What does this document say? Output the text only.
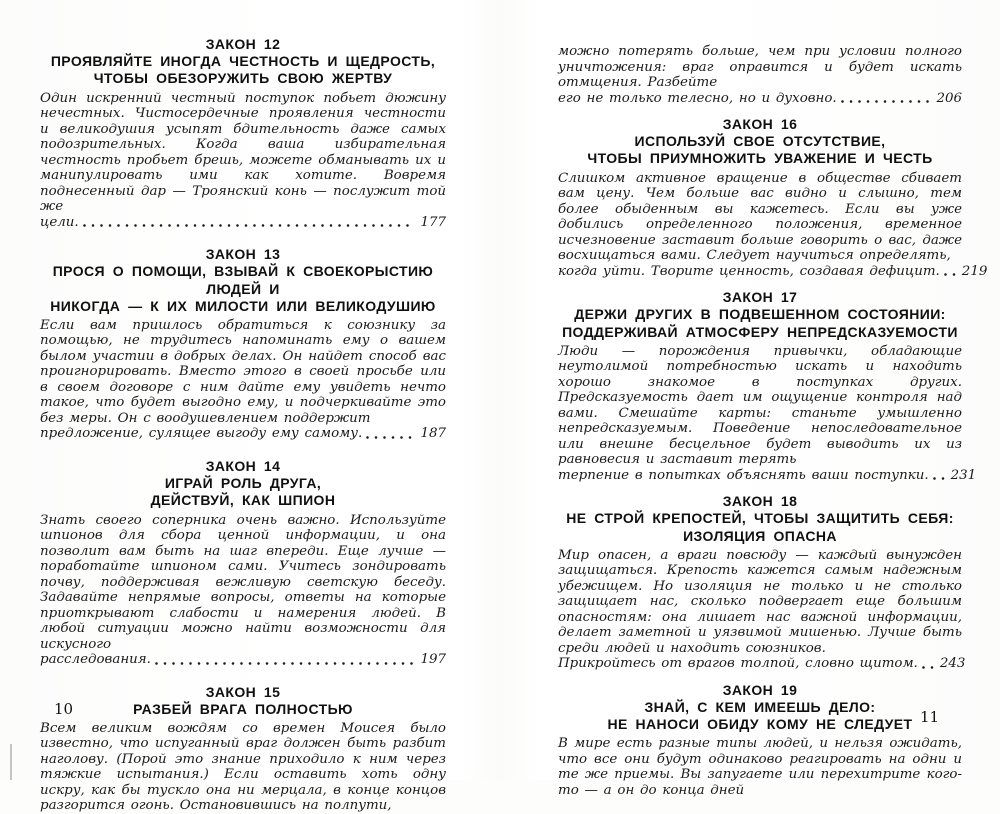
ЗАКОН 12
ПРОЯВЛЯЙТЕ ИНОГДА ЧЕСТНОСТЬ И ЩЕДРОСТЬ,
ЧТОБЫ ОБЕЗОРУЖИТЬ СВОЮ ЖЕРТВУ
Один искренний честный поступок побьет дюжину нечестных. Чистосердечные проявления честности и великодушия усыпят бдительность даже самых подозрительных. Когда ваша избирательная честность пробьет брешь, можете обманывать их и манипулировать ими как хотите. Вовремя поднесенный дар — Троянский конь — послужит той же
цели.	177
ЗАКОН 13
ПРОСЯ О ПОМОЩИ, ВЗЫВАЙ К СВОЕКОРЫСТИЮ ЛЮДЕЙ И
НИКОГДА — К ИХ МИЛОСТИ ИЛИ ВЕЛИКОДУШИЮ
Если вам пришлось обратиться к союзнику за помощью, не трудитесь напоминать ему о вашем былом участии в добрых делах. Он найдет способ вас проигнорировать. Вместо этого в своей просьбе или в своем договоре с ним дайте ему увидеть нечто такое, что будет выгодно ему, и подчеркивайте это без меры. Он с воодушевлением поддержит
предложение, сулящее выгоду ему самому.	187
ЗАКОН 14
ИГРАЙ РОЛЬ ДРУГА,
ДЕЙСТВУЙ, КАК ШПИОН
Знать своего соперника очень важно. Используйте шпионов для сбора ценной информации, и она позволит вам быть на шаг впереди. Еще лучше — поработайте шпионом сами. Учитесь зондировать почву, поддерживая вежливую светскую беседу. Задавайте непрямые вопросы, ответы на которые приоткрывают слабости и намерения людей. В любой ситуации можно найти возможности для искусного
расследования.	197
ЗАКОН 15
РАЗБЕЙ ВРАГА ПОЛНОСТЬЮ
Всем великим вождям со времен Моисея было известно, что испуганный враг должен быть разбит наголову. (Порой это знание приходило к ним через тяжкие испытания.) Если оставить хоть одну искру, как бы тускло она ни мерцала, в конце концов разгорится огонь. Остановившись на полпути,
можно потерять больше, чем при условии полного уничтожения: враг оправится и будет искать отмщения. Разбейте
его не только телесно, но и духовно.	206
ЗАКОН 16
ИСПОЛЬЗУЙ СВОЕ ОТСУТСТВИЕ,
ЧТОБЫ ПРИУМНОЖИТЬ УВАЖЕНИЕ И ЧЕСТЬ
Слишком активное вращение в обществе сбивает вам цену. Чем больше вас видно и слышно, тем более обыденным вы кажетесь. Если вы уже добились определенного положения, временное исчезновение заставит больше говорить о вас, даже восхищаться вами. Следует научиться определять,
когда уйти. Творите ценность, создавая дефицит. 219
ЗАКОН 17
ДЕРЖИ ДРУГИХ В ПОДВЕШЕННОМ СОСТОЯНИИ:
ПОДДЕРЖИВАЙ АТМОСФЕРУ НЕПРЕДСКАЗУЕМОСТИ
Люди — порождения привычки, обладающие неутолимой потребностью искать и находить хорошо знакомое в поступках других. Предсказуемость дает им ощущение контроля над вами. Смешайте карты: станьте умышленно непредсказуемым. Поведение непоследовательное или внешне бесцельное будет выводить их из равновесия и заставит терять
терпение в попытках объяснять ваши поступки. 231
ЗАКОН 18
НЕ СТРОЙ КРЕПОСТЕЙ, ЧТОБЫ ЗАЩИТИТЬ СЕБЯ:
ИЗОЛЯЦИЯ ОПАСНА
Мир опасен, а враги повсюду — каждый вынужден защищаться. Крепость кажется самым надежным убежищем. Но изоляция не только и не столько защищает нас, сколько подвергает еще большим опасностям: она лишает нас важной информации, делает заметной и уязвимой мишенью. Лучше быть среди людей и находить союзников.
Прикройтесь от врагов толпой, словно щитом. 243
ЗАКОН 19
ЗНАЙ, С КЕМ ИМЕЕШЬ ДЕЛО:
НЕ НАНОСИ ОБИДУ КОМУ НЕ СЛЕДУЕТ
В мире есть разные типы людей, и нельзя ожидать, что все они будут одинаково реагировать на одни и те же приемы. Вы запугаете или перехитрите кого-то — а он до конца дней
10	11
